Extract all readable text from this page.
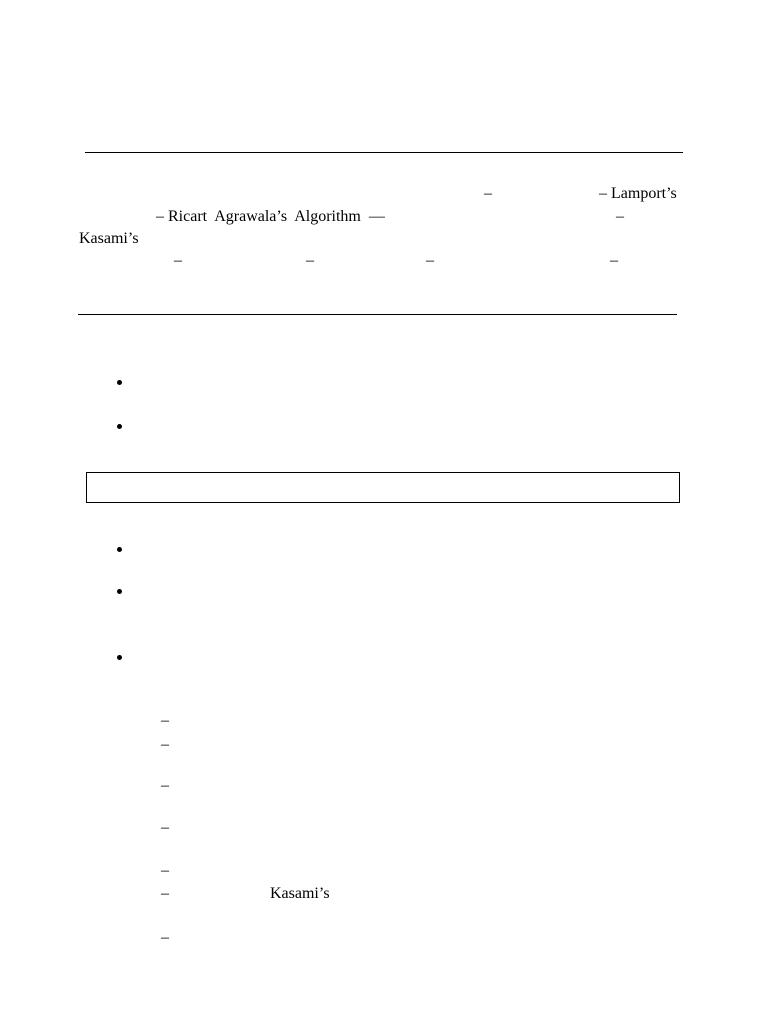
–	– Lamport’s
– Ricart  Agrawala’s  Algorithm  —	–
Kasami’s
–	–	–	–
–
–
–
–
–
–	Kasami’s
–
